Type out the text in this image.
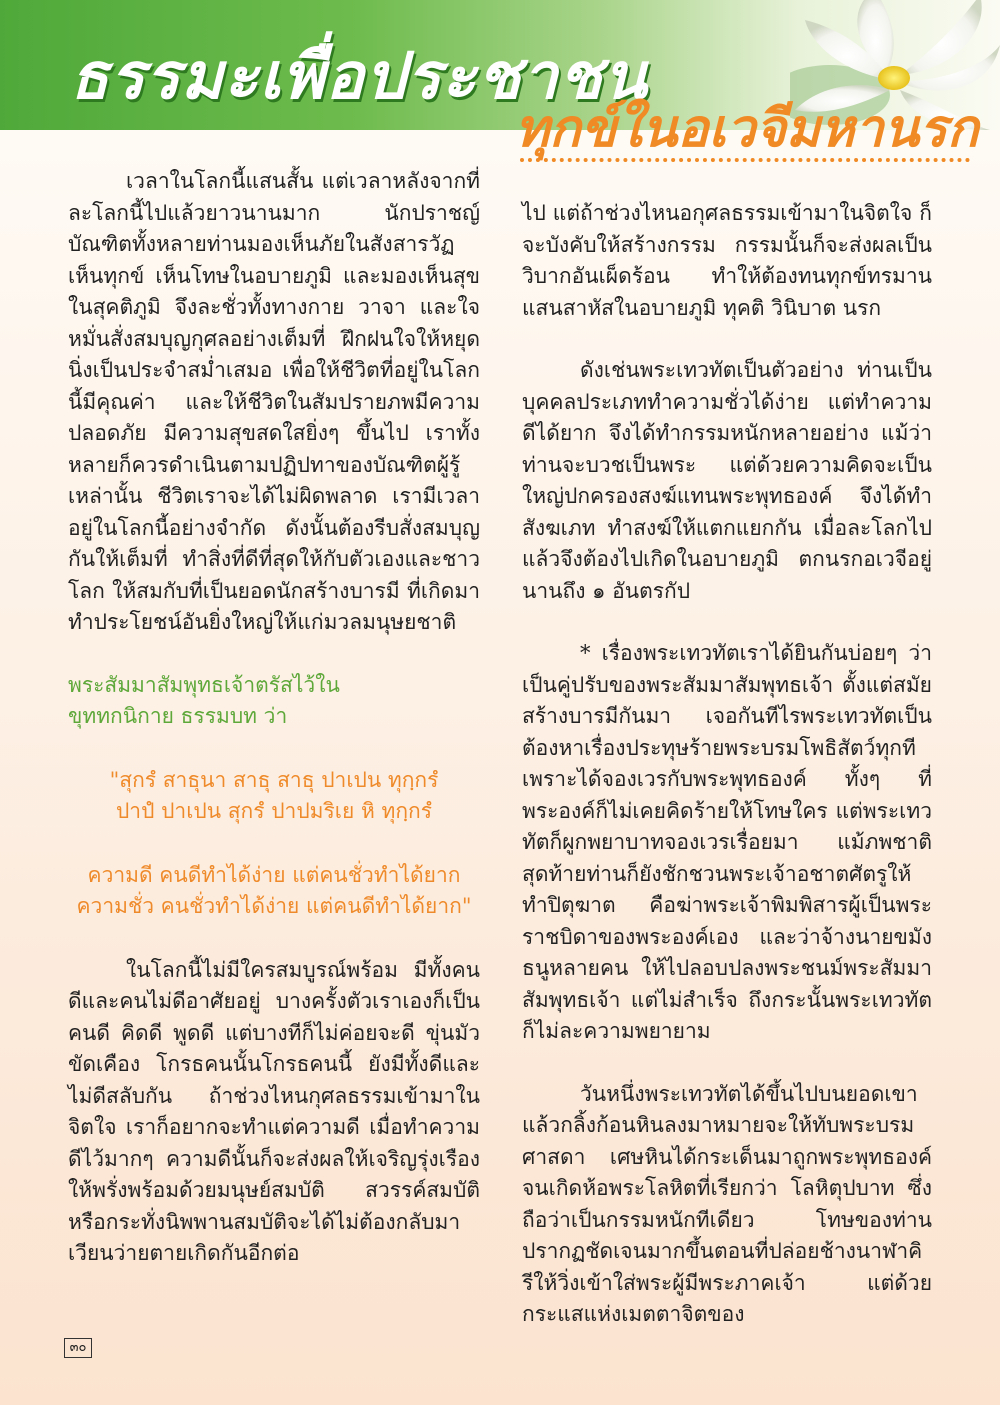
ธรรมะเพื่อประชาชน
ทุกข์ในอเวจีมหานรก

เวลาในโลกนี้แสนสั้น แต่เวลาหลังจากที่ละโลกนี้ไปแล้วยาวนานมาก นักปราชญ์บัณฑิตทั้งหลายท่านมองเห็นภัยในสังสารวัฏ เห็นทุกข์ เห็นโทษในอบายภูมิ และมองเห็นสุขในสุคติภูมิ จึงละชั่วทั้งทางกาย วาจา และใจ หมั่นสั่งสมบุญกุศลอย่างเต็มที่ ฝึกฝนใจให้หยุดนิ่งเป็นประจำสม่ำเสมอ เพื่อให้ชีวิตที่อยู่ในโลกนี้มีคุณค่า และให้ชีวิตในสัมปรายภพมีความปลอดภัย มีความสุขสดใสยิ่งๆ ขึ้นไป เราทั้งหลายก็ควรดำเนินตามปฏิปทาของบัณฑิตผู้รู้เหล่านั้น ชีวิตเราจะได้ไม่ผิดพลาด เรามีเวลาอยู่ในโลกนี้อย่างจำกัด ดังนั้นต้องรีบสั่งสมบุญกันให้เต็มที่ ทำสิ่งที่ดีที่สุดให้กับตัวเองและชาวโลก ให้สมกับที่เป็นยอดนักสร้างบารมี ที่เกิดมาทำประโยชน์อันยิ่งใหญ่ให้แก่มวลมนุษยชาติ

พระสัมมาสัมพุทธเจ้าตรัสไว้ใน

ขุททกนิกาย ธรรมบท ว่า

"สุกรํ สาธุนา สาธุ สาธุ ปาเปน ทุกฺกรํ

ปาปํ ปาเปน สุกรํ ปาปมริเย หิ ทุกฺกรํ

ความดี คนดีทำได้ง่าย แต่คนชั่วทำได้ยาก

ความชั่ว คนชั่วทำได้ง่าย แต่คนดีทำได้ยาก"

ในโลกนี้ไม่มีใครสมบูรณ์พร้อม มีทั้งคนดีและคนไม่ดีอาศัยอยู่ บางครั้งตัวเราเองก็เป็นคนดี คิดดี พูดดี แต่บางทีก็ไม่ค่อยจะดี ขุ่นมัว ขัดเคือง โกรธคนนั้นโกรธคนนี้ ยังมีทั้งดีและไม่ดีสลับกัน ถ้าช่วงไหนกุศลธรรมเข้ามาในจิตใจ เราก็อยากจะทำแต่ความดี เมื่อทำความดีไว้มากๆ ความดีนั้นก็จะส่งผลให้เจริญรุ่งเรือง ให้พรั่งพร้อมด้วยมนุษย์สมบัติ สวรรค์สมบัติ หรือกระทั่งนิพพานสมบัติจะได้ไม่ต้องกลับมาเวียนว่ายตายเกิดกันอีกต่อ

ไป แต่ถ้าช่วงไหนอกุศลธรรมเข้ามาในจิตใจ ก็จะบังคับให้สร้างกรรม กรรมนั้นก็จะส่งผลเป็นวิบากอันเผ็ดร้อน ทำให้ต้องทนทุกข์ทรมานแสนสาหัสในอบายภูมิ ทุคติ วินิบาต นรก

ดังเช่นพระเทวทัตเป็นตัวอย่าง ท่านเป็นบุคคลประเภททำความชั่วได้ง่าย แต่ทำความดีได้ยาก จึงได้ทำกรรมหนักหลายอย่าง แม้ว่าท่านจะบวชเป็นพระ แต่ด้วยความคิดจะเป็นใหญ่ปกครองสงฆ์แทนพระพุทธองค์ จึงได้ทำสังฆเภท ทำสงฆ์ให้แตกแยกกัน เมื่อละโลกไปแล้วจึงต้องไปเกิดในอบายภูมิ ตกนรกอเวจีอยู่นานถึง ๑ อันตรกัป

* เรื่องพระเทวทัตเราได้ยินกันบ่อยๆ ว่าเป็นคู่ปรับของพระสัมมาสัมพุทธเจ้า ตั้งแต่สมัยสร้างบารมีกันมา เจอกันทีไรพระเทวทัตเป็นต้องหาเรื่องประทุษร้ายพระบรมโพธิสัตว์ทุกที เพราะได้จองเวรกับพระพุทธองค์ ทั้งๆ ที่พระองค์ก็ไม่เคยคิดร้ายให้โทษใคร แต่พระเทวทัตก็ผูกพยาบาทจองเวรเรื่อยมา แม้ภพชาติสุดท้ายท่านก็ยังชักชวนพระเจ้าอชาตศัตรูให้ทำปิตุฆาต คือฆ่าพระเจ้าพิมพิสารผู้เป็นพระราชบิดาของพระองค์เอง และว่าจ้างนายขมังธนูหลายคน ให้ไปลอบปลงพระชนม์พระสัมมาสัมพุทธเจ้า แต่ไม่สำเร็จ ถึงกระนั้นพระเทวทัตก็ไม่ละความพยายาม

วันหนึ่งพระเทวทัตได้ขึ้นไปบนยอดเขาแล้วกลิ้งก้อนหินลงมาหมายจะให้ทับพระบรมศาสดา เศษหินได้กระเด็นมาถูกพระพุทธองค์จนเกิดห้อพระโลหิตที่เรียกว่า โลหิตุปบาท ซึ่งถือว่าเป็นกรรมหนักทีเดียว โทษของท่านปรากฏชัดเจนมากขึ้นตอนที่ปล่อยช้างนาฬาคิรีให้วิ่งเข้าใส่พระผู้มีพระภาคเจ้า แต่ด้วยกระแสแห่งเมตตาจิตของ

๓๐
